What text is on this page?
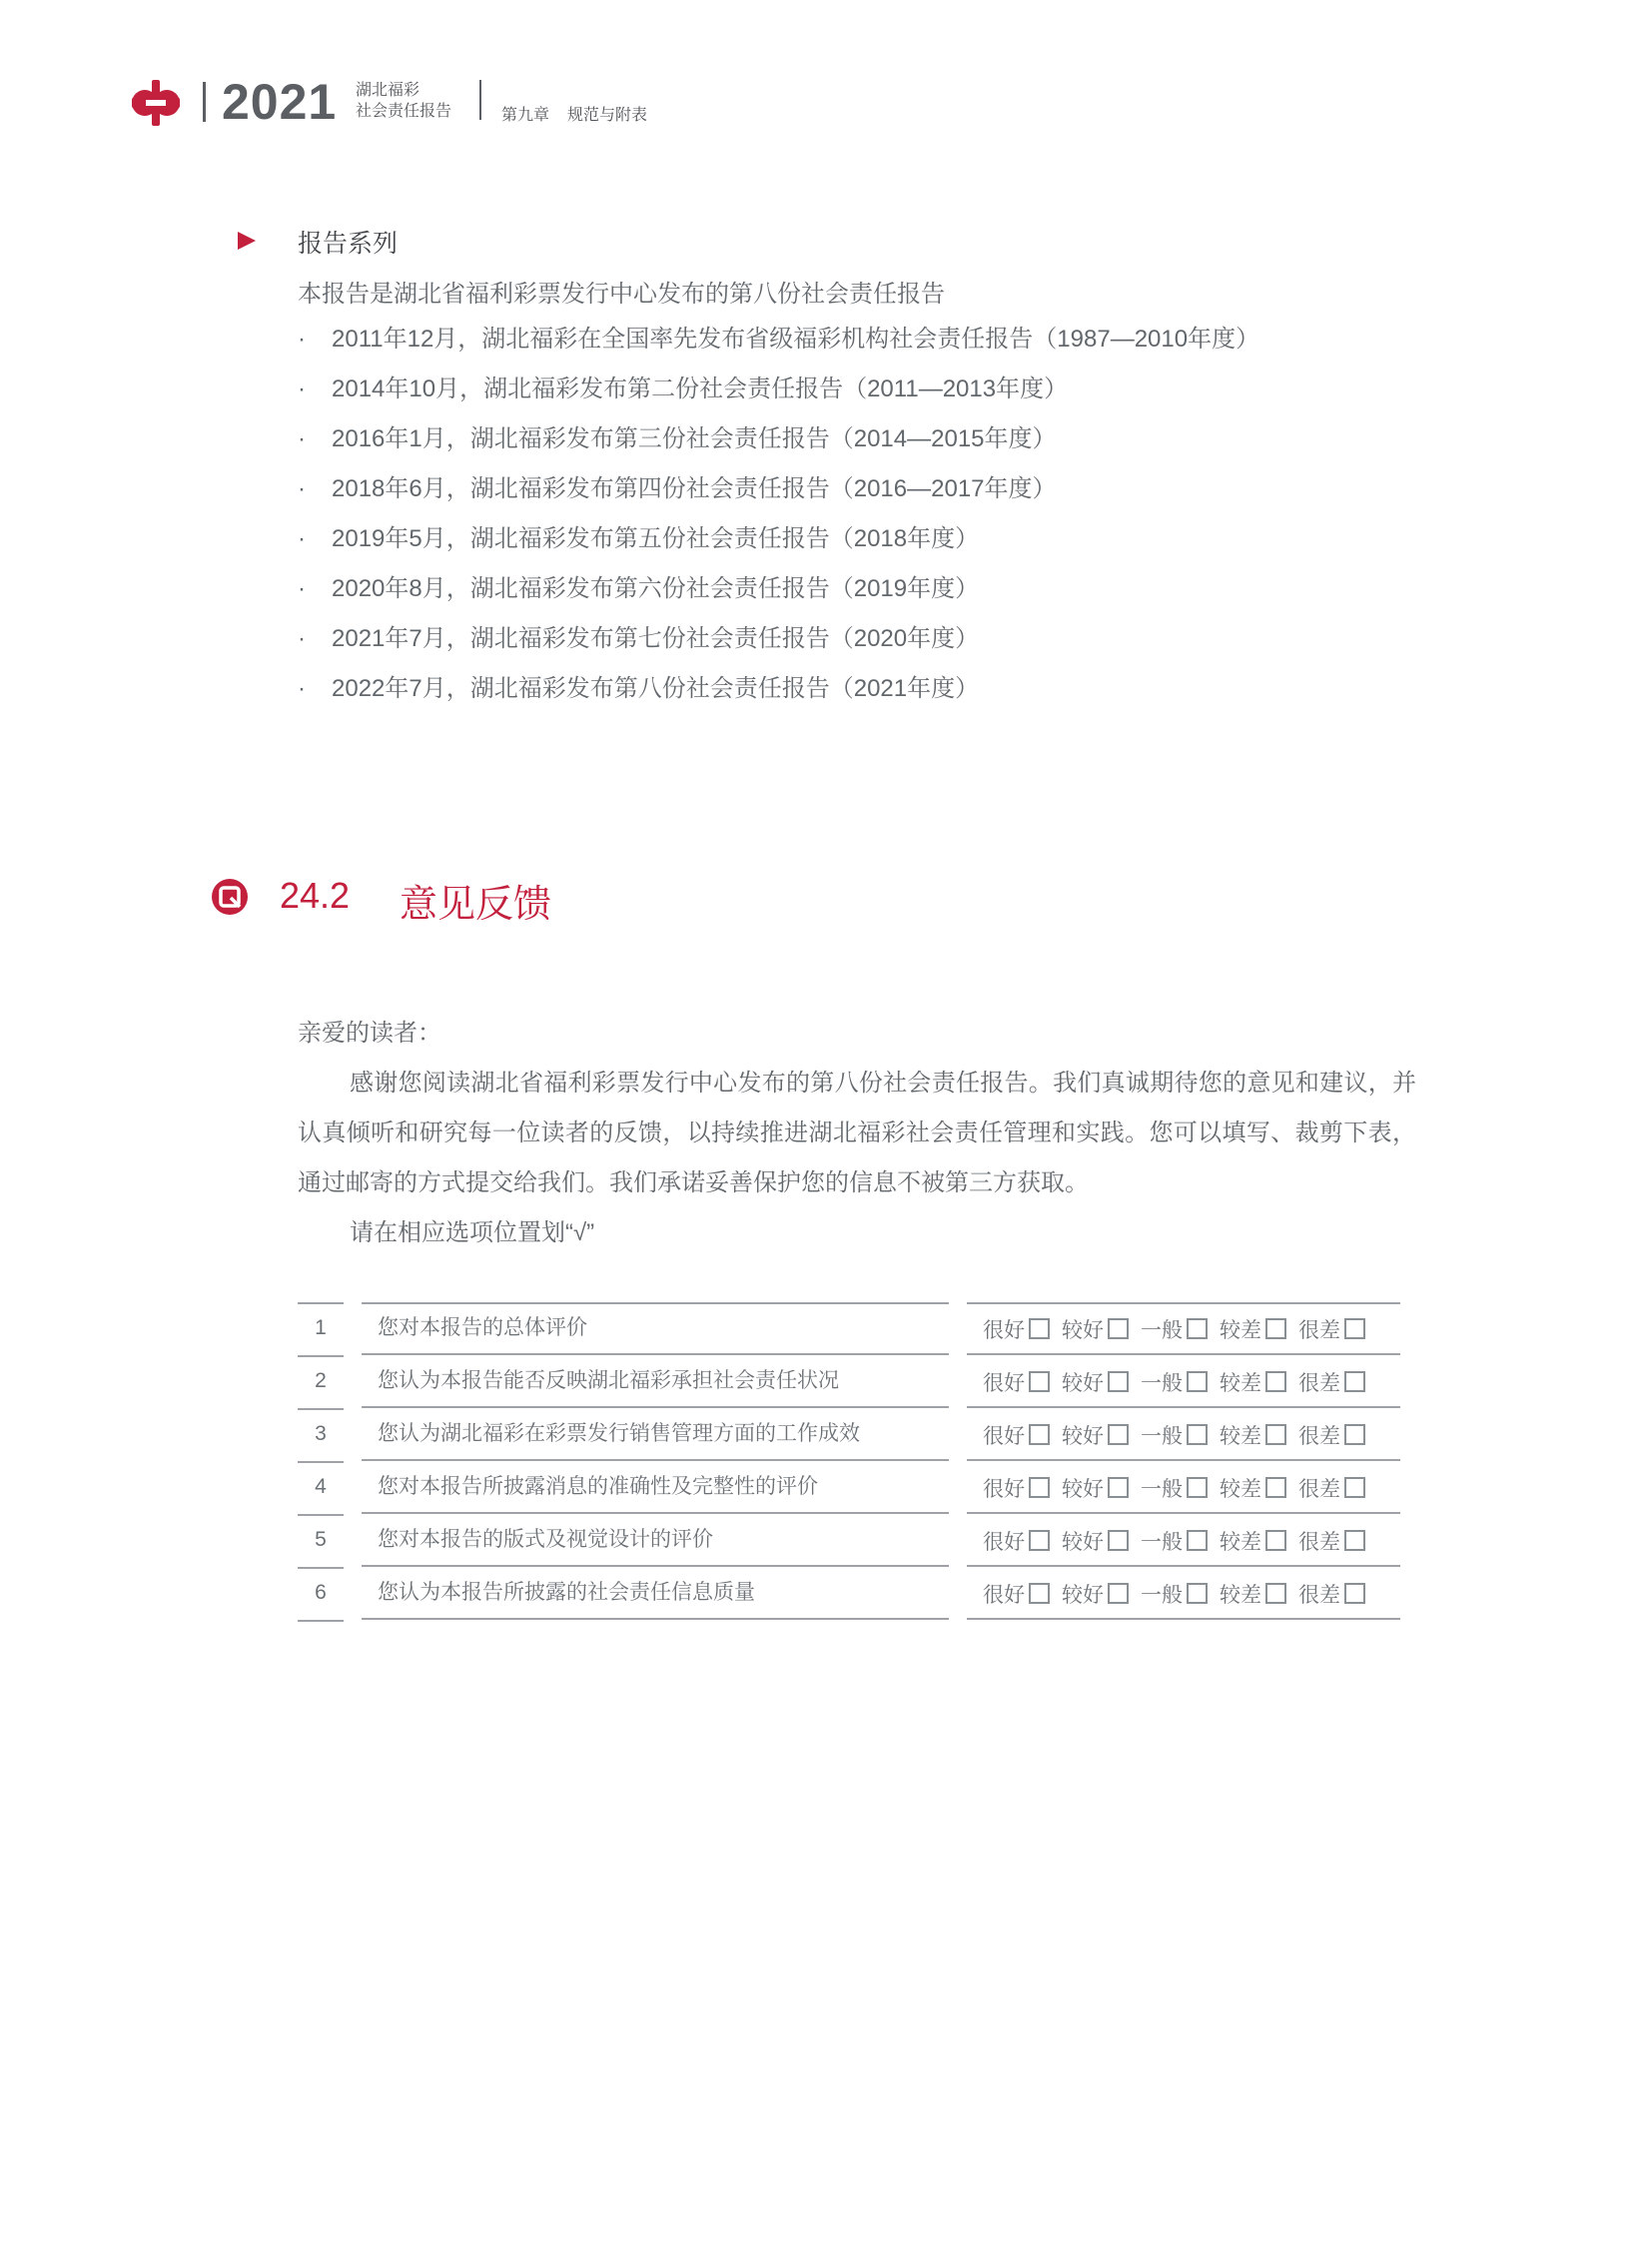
2021 湖北福彩
社会责任报告	第九章 规范与附表
报告系列
本报告是湖北省福利彩票发行中心发布的第八份社会责任报告
· 2011年12月，湖北福彩在全国率先发布省级福彩机构社会责任报告（1987—2010年度）
· 2014年10月，湖北福彩发布第二份社会责任报告（2011—2013年度）
· 2016年1月，湖北福彩发布第三份社会责任报告（2014—2015年度）
· 2018年6月，湖北福彩发布第四份社会责任报告（2016—2017年度）
· 2019年5月，湖北福彩发布第五份社会责任报告（2018年度）
· 2020年8月，湖北福彩发布第六份社会责任报告（2019年度）
· 2021年7月，湖北福彩发布第七份社会责任报告（2020年度）
· 2022年7月，湖北福彩发布第八份社会责任报告（2021年度）
24.2 意见反馈
亲爱的读者：
感谢您阅读湖北省福利彩票发行中心发布的第八份社会责任报告。我们真诚期待您的意见和建议，并认真倾听和研究每一位读者的反馈，以持续推进湖北福彩社会责任管理和实践。您可以填写、裁剪下表，通过邮寄的方式提交给我们。我们承诺妥善保护您的信息不被第三方获取。
请在相应选项位置划“√”
1	您对本报告的总体评价	很好 较好 一般 较差 很差
2	您认为本报告能否反映湖北福彩承担社会责任状况	很好 较好 一般 较差 很差
3	您认为湖北福彩在彩票发行销售管理方面的工作成效	很好 较好 一般 较差 很差
4	您对本报告所披露消息的准确性及完整性的评价	很好 较好 一般 较差 很差
5	您对本报告的版式及视觉设计的评价	很好 较好 一般 较差 很差
6	您认为本报告所披露的社会责任信息质量	很好 较好 一般 较差 很差
